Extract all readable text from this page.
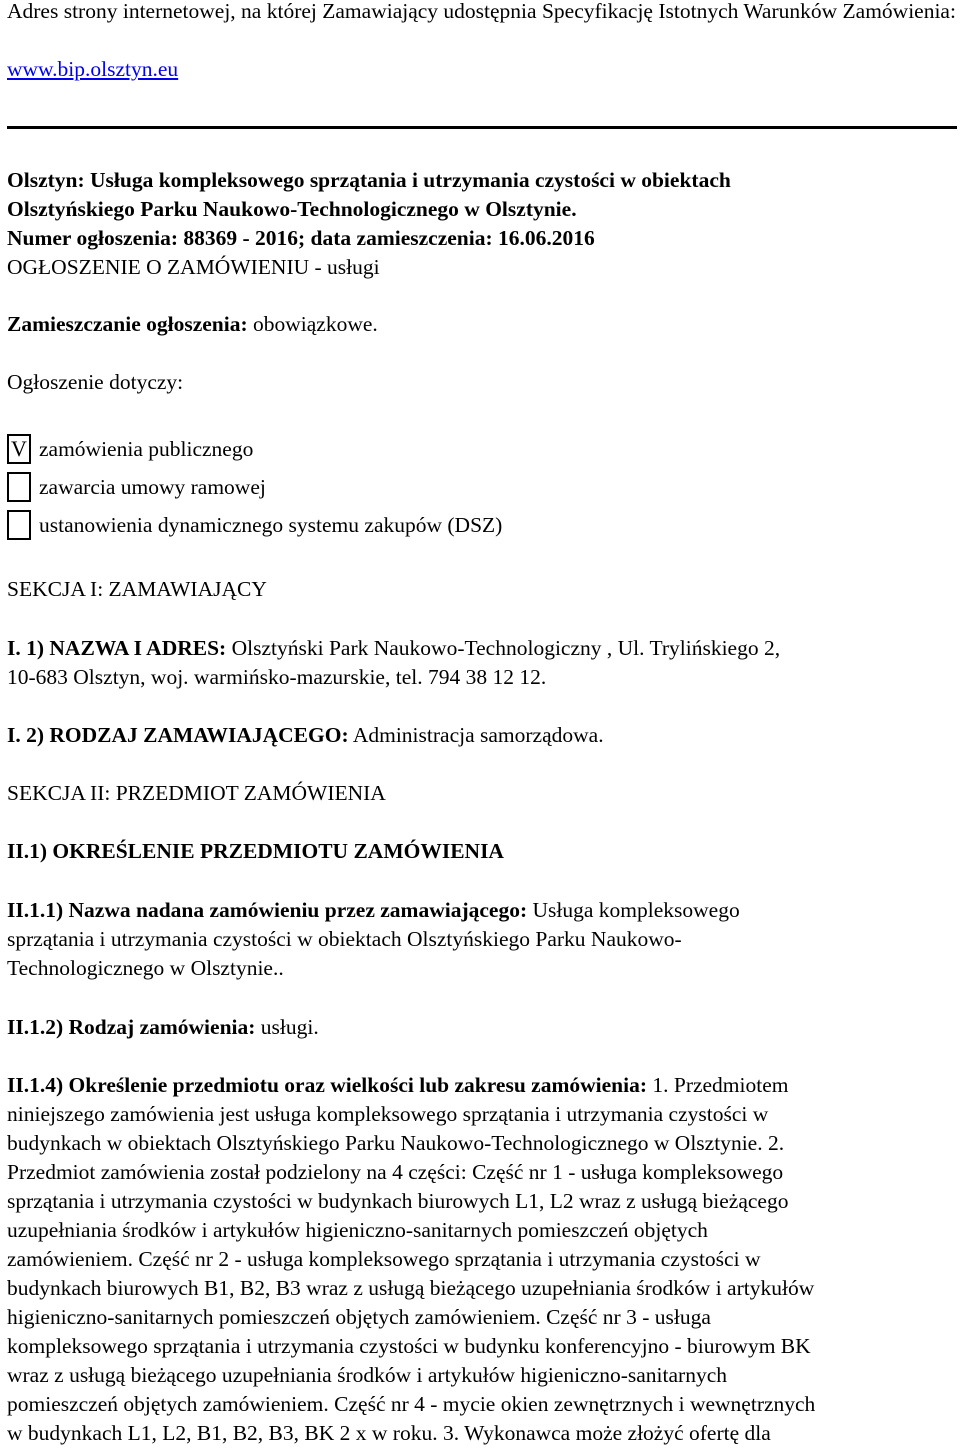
Adres strony internetowej, na której Zamawiający udostępnia Specyfikację Istotnych Warunków Zamówienia:
www.bip.olsztyn.eu
Olsztyn: Usługa kompleksowego sprzątania i utrzymania czystości w obiektach
Olsztyńskiego Parku Naukowo-Technologicznego w Olsztynie.
Numer ogłoszenia: 88369 - 2016; data zamieszczenia: 16.06.2016
OGŁOSZENIE O ZAMÓWIENIU - usługi
Zamieszczanie ogłoszenia: obowiązkowe.
Ogłoszenie dotyczy:
V zamówienia publicznego
zawarcia umowy ramowej
ustanowienia dynamicznego systemu zakupów (DSZ)
SEKCJA I: ZAMAWIAJĄCY
I. 1) NAZWA I ADRES: Olsztyński Park Naukowo-Technologiczny , Ul. Trylińskiego 2,
10-683 Olsztyn, woj. warmińsko-mazurskie, tel. 794 38 12 12.
I. 2) RODZAJ ZAMAWIAJĄCEGO: Administracja samorządowa.
SEKCJA II: PRZEDMIOT ZAMÓWIENIA
II.1) OKREŚLENIE PRZEDMIOTU ZAMÓWIENIA
II.1.1) Nazwa nadana zamówieniu przez zamawiającego: Usługa kompleksowego
sprzątania i utrzymania czystości w obiektach Olsztyńskiego Parku Naukowo-
Technologicznego w Olsztynie..
II.1.2) Rodzaj zamówienia: usługi.
II.1.4) Określenie przedmiotu oraz wielkości lub zakresu zamówienia: 1. Przedmiotem
niniejszego zamówienia jest usługa kompleksowego sprzątania i utrzymania czystości w
budynkach w obiektach Olsztyńskiego Parku Naukowo-Technologicznego w Olsztynie. 2.
Przedmiot zamówienia został podzielony na 4 części: Część nr 1 - usługa kompleksowego
sprzątania i utrzymania czystości w budynkach biurowych L1, L2 wraz z usługą bieżącego
uzupełniania środków i artykułów higieniczno-sanitarnych pomieszczeń objętych
zamówieniem. Część nr 2 - usługa kompleksowego sprzątania i utrzymania czystości w
budynkach biurowych B1, B2, B3 wraz z usługą bieżącego uzupełniania środków i artykułów
higieniczno-sanitarnych pomieszczeń objętych zamówieniem. Część nr 3 - usługa
kompleksowego sprzątania i utrzymania czystości w budynku konferencyjno - biurowym BK
wraz z usługą bieżącego uzupełniania środków i artykułów higieniczno-sanitarnych
pomieszczeń objętych zamówieniem. Część nr 4 - mycie okien zewnętrznych i wewnętrznych
w budynkach L1, L2, B1, B2, B3, BK 2 x w roku. 3. Wykonawca może złożyć ofertę dla
